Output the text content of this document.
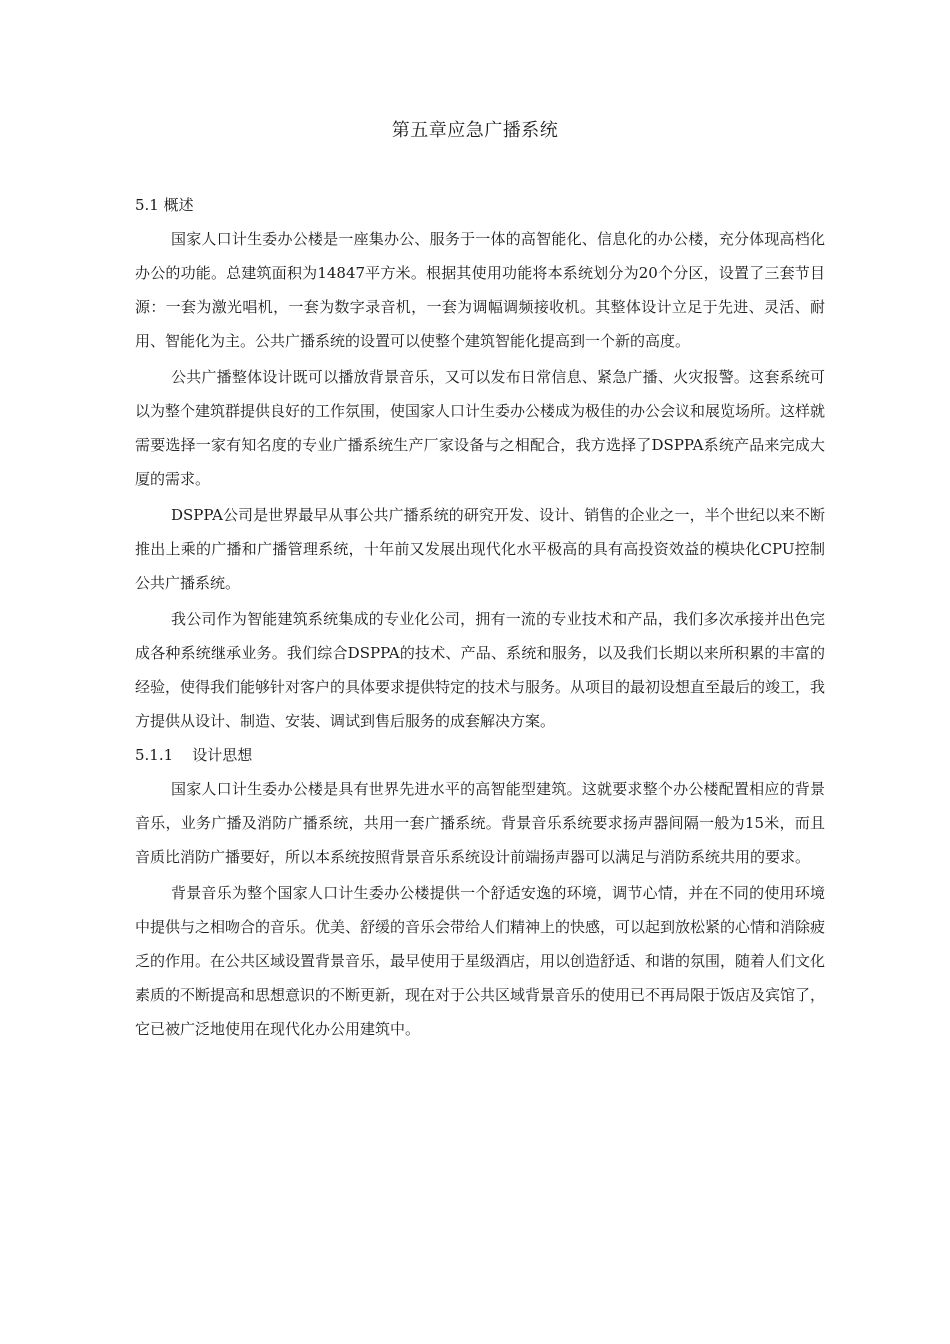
第五章应急广播系统
5.1 概述

国家人口计生委办公楼是一座集办公、服务于一体的高智能化、信息化的办公楼，充分体现高档化办公的功能。总建筑面积为14847平方米。根据其使用功能将本系统划分为20个分区，设置了三套节目源：一套为激光唱机，一套为数字录音机，一套为调幅调频接收机。其整体设计立足于先进、灵活、耐用、智能化为主。公共广播系统的设置可以使整个建筑智能化提高到一个新的高度。

公共广播整体设计既可以播放背景音乐，又可以发布日常信息、紧急广播、火灾报警。这套系统可以为整个建筑群提供良好的工作氛围，使国家人口计生委办公楼成为极佳的办公会议和展览场所。这样就需要选择一家有知名度的专业广播系统生产厂家设备与之相配合，我方选择了DSPPA系统产品来完成大厦的需求。

DSPPA公司是世界最早从事公共广播系统的研究开发、设计、销售的企业之一，半个世纪以来不断推出上乘的广播和广播管理系统，十年前又发展出现代化水平极高的具有高投资效益的模块化CPU控制公共广播系统。

我公司作为智能建筑系统集成的专业化公司，拥有一流的专业技术和产品，我们多次承接并出色完成各种系统继承业务。我们综合DSPPA的技术、产品、系统和服务，以及我们长期以来所积累的丰富的经验，使得我们能够针对客户的具体要求提供特定的技术与服务。从项目的最初设想直至最后的竣工，我方提供从设计、制造、安装、调试到售后服务的成套解决方案。

5.1.1    设计思想

国家人口计生委办公楼是具有世界先进水平的高智能型建筑。这就要求整个办公楼配置相应的背景音乐，业务广播及消防广播系统，共用一套广播系统。背景音乐系统要求扬声器间隔一般为15米，而且音质比消防广播要好，所以本系统按照背景音乐系统设计前端扬声器可以满足与消防系统共用的要求。

背景音乐为整个国家人口计生委办公楼提供一个舒适安逸的环境，调节心情，并在不同的使用环境中提供与之相吻合的音乐。优美、舒缓的音乐会带给人们精神上的快感，可以起到放松紧的心情和消除疲乏的作用。在公共区域设置背景音乐，最早使用于星级酒店，用以创造舒适、和谐的氛围，随着人们文化素质的不断提高和思想意识的不断更新，现在对于公共区域背景音乐的使用已不再局限于饭店及宾馆了，它已被广泛地使用在现代化办公用建筑中。
